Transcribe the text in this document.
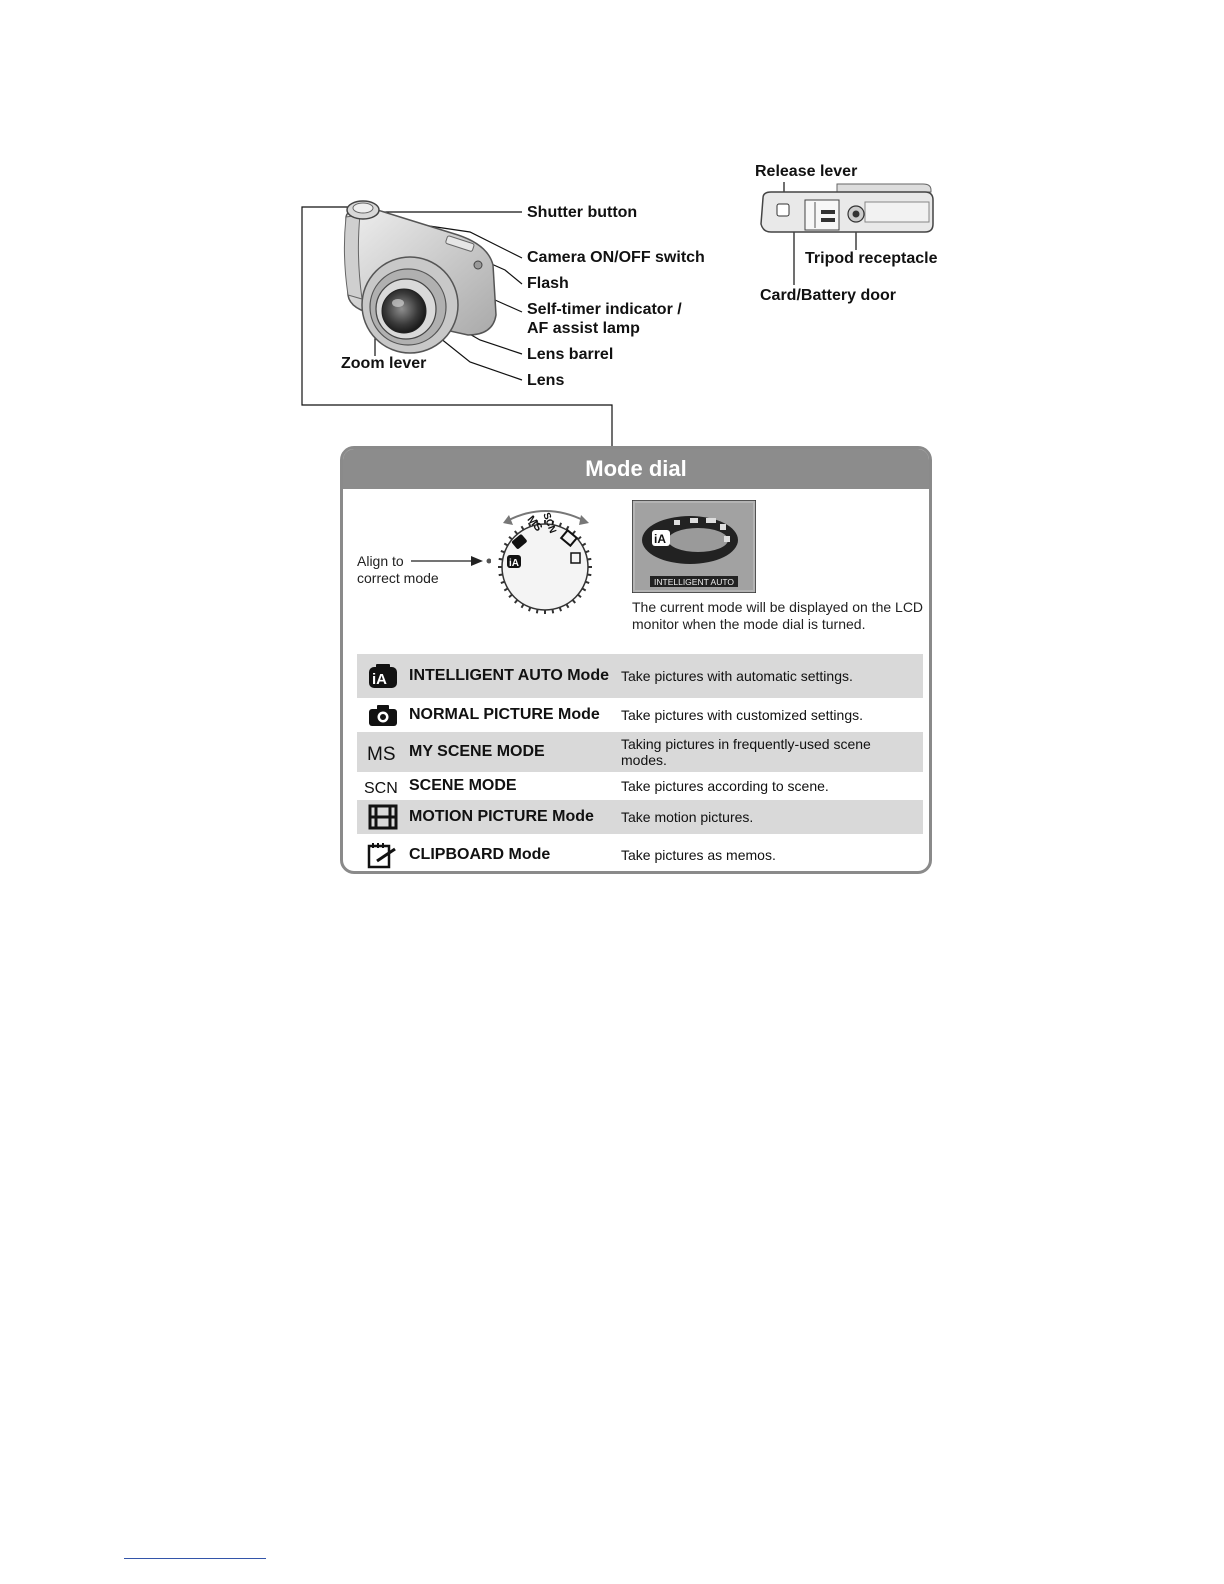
Shutter button
Camera ON/OFF switch
Flash
Self-timer indicator /
AF assist lamp
Lens barrel
Lens
Zoom lever
Release lever
Tripod receptacle
Card/Battery door
Mode dial
Align to
correct mode
iA
MS
SCN
iA
INTELLIGENT AUTO
The current mode will be displayed on the LCD monitor when the mode dial is turned.
iA INTELLIGENT AUTO Mode Take pictures with automatic settings.
NORMAL PICTURE Mode	Take pictures with customized settings.
MS MY SCENE MODE	Taking pictures in frequently-used scene modes.
SCN SCENE MODE	Take pictures according to scene.
MOTION PICTURE Mode	Take motion pictures.
CLIPBOARD Mode	Take pictures as memos.
